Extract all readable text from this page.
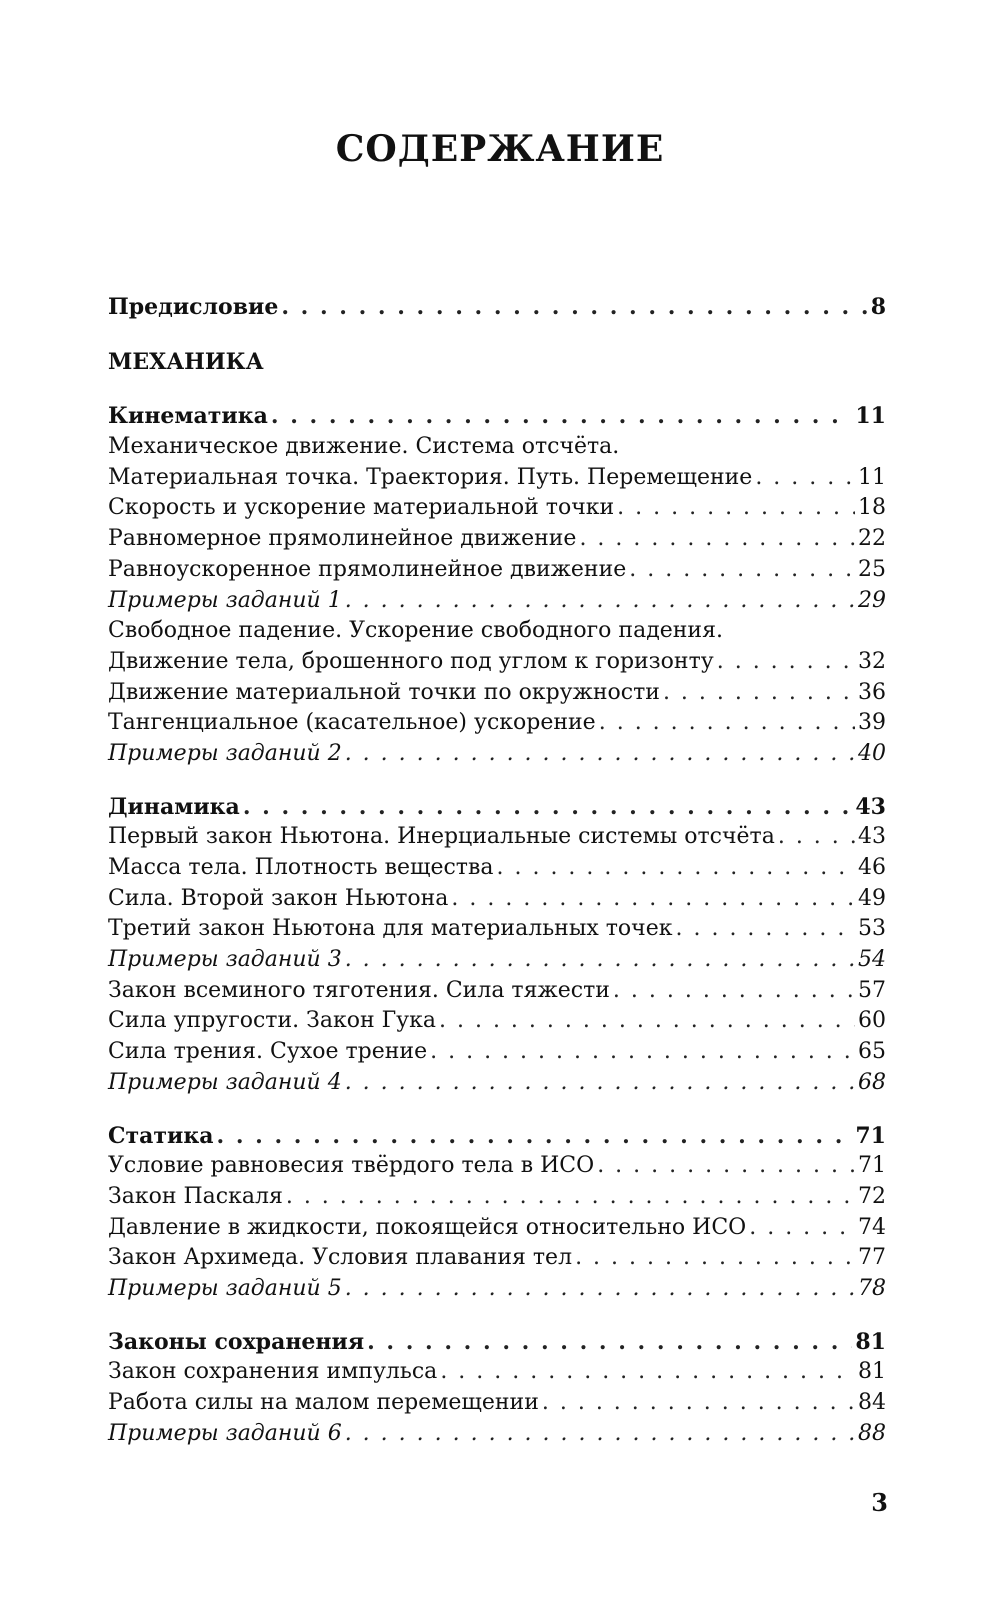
СОДЕРЖАНИЕ
Предисловие . . .	8
МЕХАНИКА
Кинематика . . .	11
Механическое движение. Система отсчёта.
Материальная точка. Траектория. Путь. Перемещение . . .	11
Скорость и ускорение материальной точки . . .	18
Равномерное прямолинейное движение . . .	22
Равноускоренное прямолинейное движение . . .	25
Примеры заданий 1 . . .	29
Свободное падение. Ускорение свободного падения.
Движение тела, брошенного под углом к горизонту . . .	32
Движение материальной точки по окружности . . .	36
Тангенциальное (касательное) ускорение . . .	39
Примеры заданий 2 . . .	40
Динамика . . .	43
Первый закон Ньютона. Инерциальные системы отсчёта . . .	43
Масса тела. Плотность вещества . . .	46
Сила. Второй закон Ньютона . . .	49
Третий закон Ньютона для материальных точек . . .	53
Примеры заданий 3 . . .	54
Закон всеминого тяготения. Сила тяжести . . .	57
Сила упругости. Закон Гука . . .	60
Сила трения. Сухое трение . . .	65
Примеры заданий 4 . . .	68
Статика . . .	71
Условие равновесия твёрдого тела в ИСО . . .	71
Закон Паскаля . . .	72
Давление в жидкости, покоящейся относительно ИСО . . .	74
Закон Архимеда. Условия плавания тел . . .	77
Примеры заданий 5 . . .	78
Законы сохранения . . .	81
Закон сохранения импульса . . .	81
Работа силы на малом перемещении . . .	84
Примеры заданий 6 . . .	88
3
